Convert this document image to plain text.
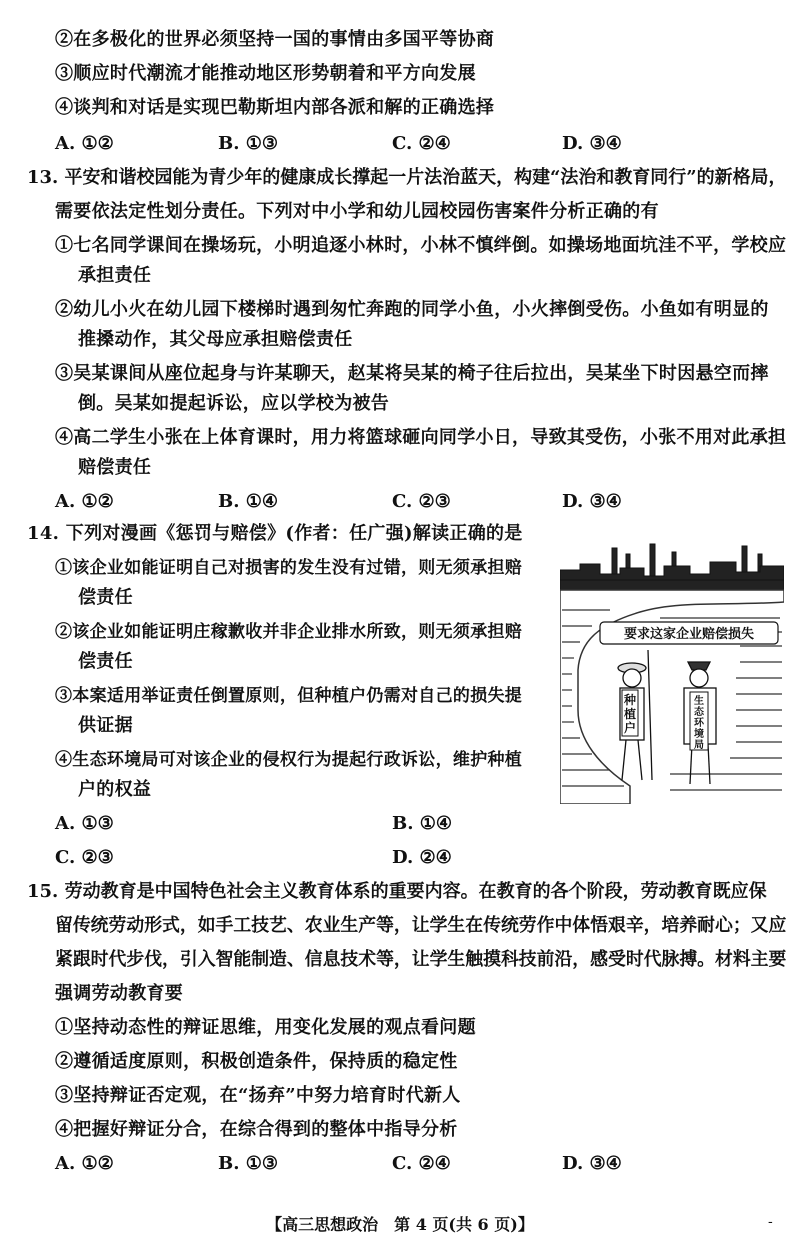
②在多极化的世界必须坚持一国的事情由多国平等协商
③顺应时代潮流才能推动地区形势朝着和平方向发展
④谈判和对话是实现巴勒斯坦内部各派和解的正确选择
A. ①②	B. ①③	C. ②④	D. ③④
13. 平安和谐校园能为青少年的健康成长撑起一片法治蓝天，构建“法治和教育同行”的新格局，
需要依法定性划分责任。下列对中小学和幼儿园校园伤害案件分析正确的有
①七名同学课间在操场玩，小明追逐小林时，小林不慎绊倒。如操场地面坑洼不平，学校应
承担责任
②幼儿小火在幼儿园下楼梯时遇到匆忙奔跑的同学小鱼，小火摔倒受伤。小鱼如有明显的
推搡动作，其父母应承担赔偿责任
③吴某课间从座位起身与许某聊天，赵某将吴某的椅子往后拉出，吴某坐下时因悬空而摔
倒。吴某如提起诉讼，应以学校为被告
④高二学生小张在上体育课时，用力将篮球砸向同学小日，导致其受伤，小张不用对此承担
赔偿责任
A. ①②	B. ①④	C. ②③	D. ③④
14. 下列对漫画《惩罚与赔偿》(作者：任广强)解读正确的是
①该企业如能证明自己对损害的发生没有过错，则无须承担赔
偿责任
②该企业如能证明庄稼歉收并非企业排水所致，则无须承担赔
偿责任
③本案适用举证责任倒置原则，但种植户仍需对自己的损失提
供证据
④生态环境局可对该企业的侵权行为提起行政诉讼，维护种植
户的权益
A. ①③	B. ①④
C. ②③	D. ②④
要求这家企业赔偿损失
种
植
户
生
态
环
境
局
15. 劳动教育是中国特色社会主义教育体系的重要内容。在教育的各个阶段，劳动教育既应保
留传统劳动形式，如手工技艺、农业生产等，让学生在传统劳作中体悟艰辛，培养耐心；又应
紧跟时代步伐，引入智能制造、信息技术等，让学生触摸科技前沿，感受时代脉搏。材料主要
强调劳动教育要
①坚持动态性的辩证思维，用变化发展的观点看问题
②遵循适度原则，积极创造条件，保持质的稳定性
③坚持辩证否定观，在“扬弃”中努力培育时代新人
④把握好辩证分合，在综合得到的整体中指导分析
A. ①②	B. ①③	C. ②④	D. ③④
【高三思想政治　第 4 页(共 6 页)】	-
